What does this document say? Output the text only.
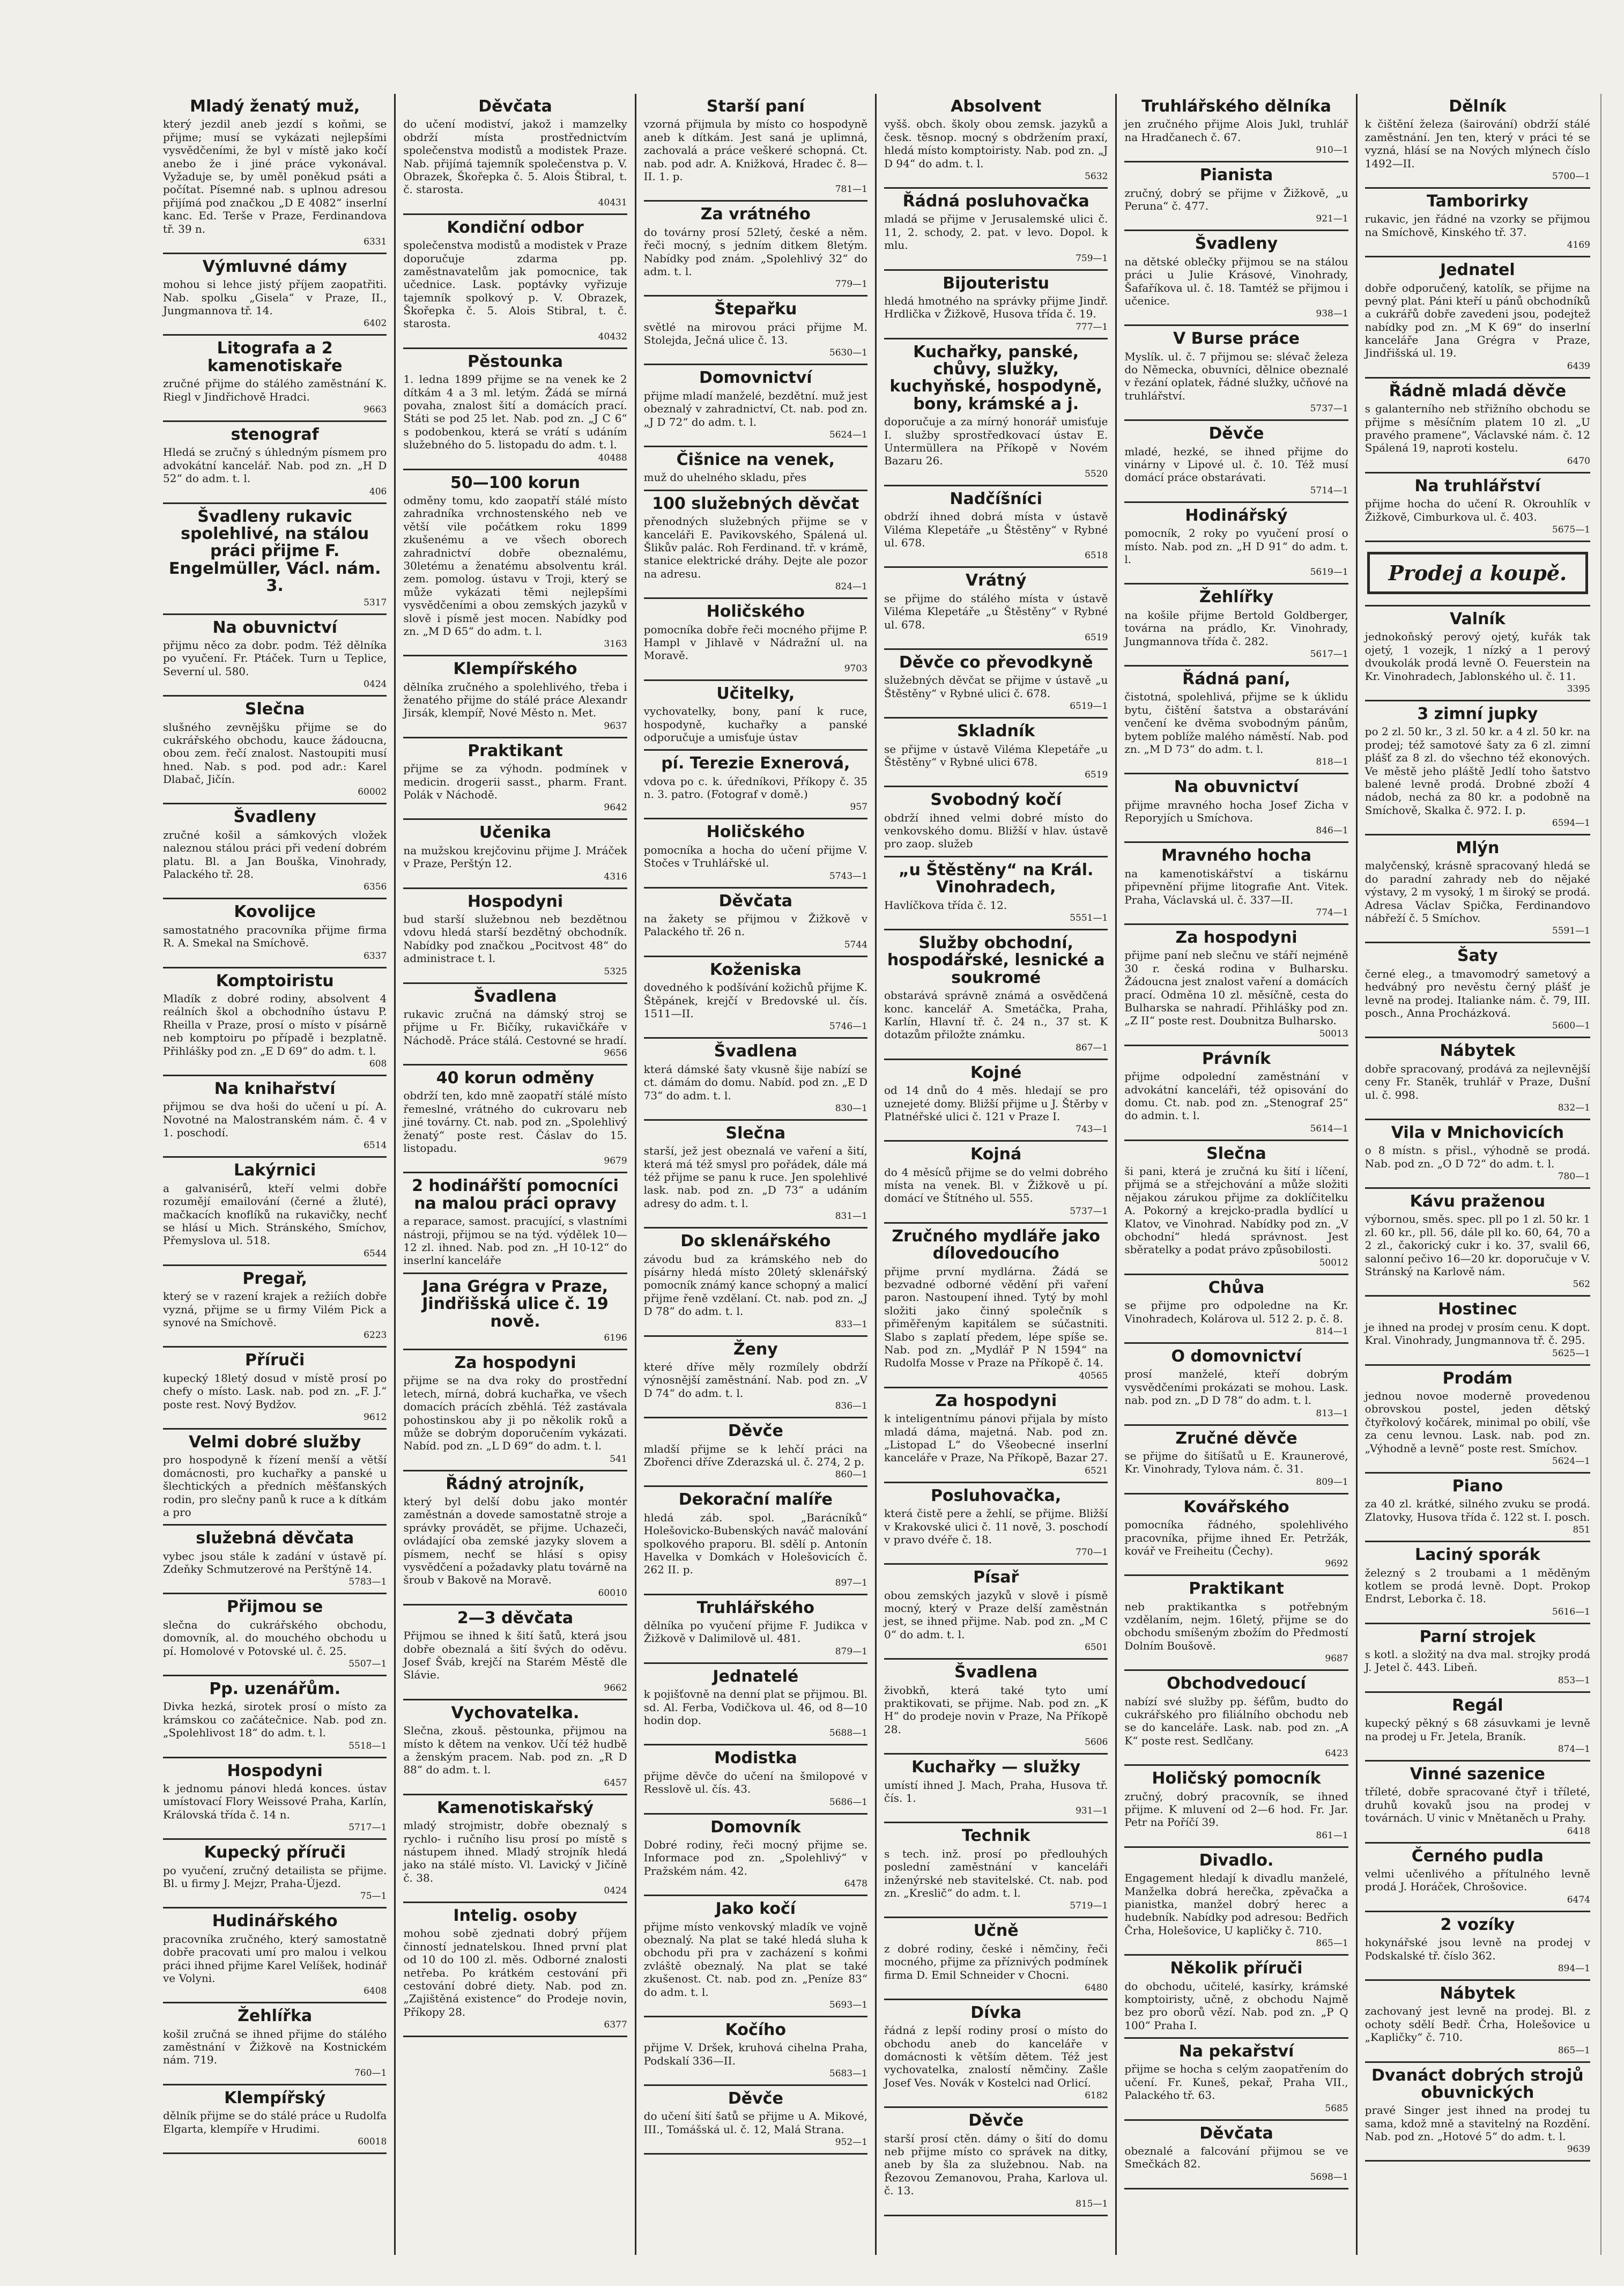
Mladý ženatý muž,

který jezdil aneb jezdí s koňmi, se přijme; musí se vykázati nejlepšími vysvědčeními, že byl v místě jako kočí anebo že i jiné práce vykonával. Vyžaduje se, by uměl poněkud psáti a počítat. Písemné nab. s uplnou adresou přijímá pod značkou „D E 4082“ inserlní kanc. Ed. Terše v Praze, Ferdinandova tř. 39 n.

6331
Výmluvné dámy

mohou si lehce jistý příjem zaopatřiti. Nab. spolku „Gisela“ v Praze, II., Jungmannova tř. 14.

6402
Litografa a 2 kamenotiskaře

zručné přijme do stálého zaměstnání K. Riegl v Jindřichově Hradci.

9663
stenograf

Hledá se zručný s úhledným písmem pro advokátní kancelář. Nab. pod zn. „H D 52“ do adm. t. l.

406
Švadleny rukavic spolehlivé, na stálou práci přijme F. Engelmüller, Václ. nám. 3.
5317
Na obuvnictví

přijmu něco za dobr. podm. Též dělníka po vyučení. Fr. Ptáček. Turn u Teplice, Severní ul. 580.

0424
Slečna

slušného zevnějšku přijme se do cukrářského obchodu, kauce žádoucna, obou zem. řečí znalost. Nastoupiti musí hned. Nab. s pod. pod adr.: Karel Dlabač, Jičín.

60002
Švadleny

zručné košil a sámkových vložek naleznou stálou práci při vedení dobrém platu. Bl. a Jan Bouška, Vinohrady, Palackého tř. 28.

6356
Kovolijce

samostatného pracovníka přijme firma R. A. Smekal na Smíchově.

6337
Komptoiristu

Mladík z dobré rodiny, absolvent 4 reálních škol a obchodního ústavu P. Rheilla v Praze, prosí o místo v písárně neb komptoiru po případě i bezplatně. Přihlášky pod zn. „E D 69“ do adm. t. l.

608
Na knihařství

přijmou se dva hoši do učení u pí. A. Novotné na Malostranském nám. č. 4 v 1. poschodí.

6514
Lakýrnici

a galvanisérů, kteří velmi dobře rozumějí emailování (černé a žluté), mačkacích knoflíků na rukavičky, nechť se hlásí u Mich. Stránského, Smíchov, Přemyslova ul. 518.

6544
Pregař,

který se v razení krajek a režiích dobře vyzná, přijme se u firmy Vilém Pick a synové na Smíchově.

6223
Příruči

kupecký 18letý dosud v místě prosí po chefy o místo. Lask. nab. pod zn. „F. J.“ poste rest. Nový Bydžov.

9612
Velmi dobré služby

pro hospodyně k řízení menší a větší domácnosti, pro kuchařky a panské u šlechtických a předních měšťanských rodin, pro slečny panů k ruce a k dítkám a pro

služebná děvčata

vybec jsou stále k zadání v ústavě pí. Zdeňky Schmutzerové na Perštýně 14.

5783—1
Přijmou se

slečna do cukrářského obchodu, domovník, al. do mouchého obchodu u pí. Homolové v Potovské ul. č. 25.

5507—1
Pp. uzenářům.

Divka hezká, sirotek prosí o místo za krámskou co začátečnice. Nab. pod zn. „Spolehlivost 18“ do adm. t. l.

5518—1
Hospodyni

k jednomu pánovi hledá konces. ústav umístovací Flory Weissové Praha, Karlín, Královská třída č. 14 n.

5717—1
Kupecký příruči

po vyučení, zručný detailista se přijme. Bl. u firmy J. Mejzr, Praha-Újezd.

75—1
Hudinářského

pracovníka zručného, který samostatně dobře pracovati umí pro malou i velkou práci ihned přijme Karel Velíšek, hodinář ve Volyni.

6408
Žehlířka

košil zručná se ihned přijme do stálého zaměstnání v Žižkově na Kostnickém nám. 719.

760—1
Klempířský

dělník přijme se do stálé práce u Rudolfa Elgarta, klempíře v Hrudimi.

60018
Děvčata

do učení modiství, jakož i mamzelky obdrží místa prostřednictvím společenstva modistů a modistek Praze. Nab. přijímá tajemník společenstva p. V. Obrazek, Škořepka č. 5. Alois Štibral, t. č. starosta.

40431
Kondiční odbor

společenstva modistů a modistek v Praze doporučuje zdarma pp. zaměstnavatelům jak pomocnice, tak učednice. Lask. poptávky vyřizuje tajemník spolkový p. V. Obrazek, Škořepka č. 5. Alois Stibral, t. č. starosta.

40432
Pěstounka

1. ledna 1899 přijme se na venek ke 2 dítkám 4 a 3 ml. letým. Žádá se mírná povaha, znalost šití a domácích prací. Státi se pod 25 let. Nab. pod zn. „J C 6“ s podobenkou, která se vrátí s udáním služebného do 5. listopadu do adm. t. l.

40488
50—100 korun

odměny tomu, kdo zaopatří stálé místo zahradníka vrchnostenského neb ve větší vile počátkem roku 1899 zkušenému a ve všech oborech zahradnictví dobře obeznalému, 30letému a ženatému absolventu král. zem. pomolog. ústavu v Troji, který se může vykázati těmi nejlepšími vysvědčeními a obou zemských jazyků v slově i písmě jest mocen. Nabídky pod zn. „M D 65“ do adm. t. l.

3163
Klempířského

dělníka zručného a spolehlivého, třeba i ženatého přijme do stálé práce Alexandr Jirsák, klempíř, Nové Město n. Met.

9637
Praktikant

přijme se za výhodn. podmínek v medicin. drogerii sasst., pharm. Frant. Polák v Náchodě.

9642
Učenika

na mužskou krejčovinu přijme J. Mráček v Praze, Perštýn 12.

4316
Hospodyni

bud starší služebnou neb bezdětnou vdovu hledá starší bezdětný obchodník. Nabídky pod značkou „Pocitvost 48“ do administrace t. l.

5325
Švadlena

rukavic zručná na dámský stroj se přijme u Fr. Bičíky, rukavičkáře v Náchodě. Práce stálá. Cestovné se hradí.

9656
40 korun odměny

obdrží ten, kdo mně zaopatří stálé místo řemeslné, vrátného do cukrovaru neb jiné továrny. Ct. nab. pod zn. „Spolehlivý ženatý“ poste rest. Čáslav do 15. listopadu.

9679
2 hodinářští pomocníci na malou práci opravy

a reparace, samost. pracující, s vlastními nástroji, přijmou se na týd. výdělek 10—12 zl. ihned. Nab. pod zn. „H 10-12“ do inserlní kanceláře

Jana Grégra v Praze, Jindřišská ulice č. 19 nově.
6196
Za hospodyni

přijme se na dva roky do prostřední letech, mírná, dobrá kuchařka, ve všech domacích prácích zběhlá. Též zastávala pohostinskou aby ji po několik roků a může se dobrým doporučením vykázati. Nabíd. pod zn. „L D 69“ do adm. t. l.

541
Řádný atrojník,

který byl delší dobu jako montér zaměstnán a dovede samostatně stroje a správky provádět, se přijme. Uchazeči, ovládající oba zemské jazyky slovem a písmem, nechť se hlásí s opisy vysvědčení a požadavky platu továrně na šroub v Bakově na Moravě.

60010
2—3 děvčata

Přijmou se ihned k šití šatů, která jsou dobře obeznalá a šití švých do oděvu. Josef Šváb, krejčí na Starém Městě dle Slávie.

9662
Vychovatelka.

Slečna, zkouš. pěstounka, přijmou na místo k dětem na venkov. Učí též hudbě a ženským pracem. Nab. pod zn. „R D 88“ do adm. t. l.

6457
Kamenotiskařský

mladý strojmistr, dobře obeznalý s rychlo- i ručního lisu prosí po místě s nástupem ihned. Mladý strojník hledá jako na stálé místo. Vl. Lavický v Jičíně č. 38.

0424
Intelig. osoby

mohou sobě zjednati dobrý příjem činností jednatelskou. Ihned první plat od 10 do 100 zl. měs. Odborné znalosti netřeba. Po krátkém cestování při cestování dobré diety. Nab. pod zn. „Zajištěná existence“ do Prodeje novin, Příkopy 28.

6377
Starší paní

vzorná přijmula by místo co hospodyně aneb k dítkám. Jest saná je uplimná, zachovalá a práce veškeré schopná. Ct. nab. pod adr. A. Knižková, Hradec č. 8—II. 1. p.

781—1
Za vrátného

do továrny prosí 52letý, české a něm. řeči mocný, s jedním ditkem 8letým. Nabídky pod znám. „Spolehlivý 32“ do adm. t. l.

779—1
Štepařku

světlé na mirovou práci přijme M. Stolejda, Ječná ulice č. 13.

5630—1
Domovnictví

přijme mladí manželé, bezdětní. muž jest obeznalý v zahradnictví, Ct. nab. pod zn. „J D 72“ do adm. t. l.

5624—1
Čišnice na venek,

muž do uhelného skladu, přes

100 služebných děvčat

přenodných služebných přijme se v kanceláři E. Pavikovského, Spálená ul. Šlikův palác. Roh Ferdinand. tř. v krámě, stanice elektrické dráhy. Dejte ale pozor na adresu.

824—1
Holičského

pomocníka dobře řeči mocného přijme P. Hampl v Jihlavě v Nádražní ul. na Moravě.

9703
Učitelky,

vychovatelky, bony, paní k ruce, hospodyně, kuchařky a panské odporučuje a umisťuje ústav

pí. Terezie Exnerová,

vdova po c. k. úředníkovi, Příkopy č. 35 n. 3. patro. (Fotograf v domě.)

957
Holičského

pomocníka a hocha do učení přijme V. Stočes v Truhlářské ul.

5743—1
Děvčata

na žakety se přijmou v Žižkově v Palackého tř. 26 n.

5744
Koženiska

dovedného k podšívání kožichů přijme K. Štěpánek, krejčí v Bredovské ul. čís. 1511—II.

5746—1
Švadlena

která dámské šaty vkusně šije nabízí se ct. dámám do domu. Nabíd. pod zn. „E D 73“ do adm. t. l.

830—1
Slečna

starší, jež jest obeznalá ve vaření a šití, která má též smysl pro pořádek, dále má též přijme se panu k ruce. Jen spolehlivé lask. nab. pod zn. „D 73“ a udáním adresy do adm. t. l.

831—1
Do sklenářského

závodu bud za krámského neb do písárny hledá místo 20letý sklenářský pomocník známý kance schopný a malicí přijme řeně vzdělaní. Ct. nab. pod zn. „J D 78“ do adm. t. l.

833—1
Ženy

které dříve měly rozmílely obdrží výnosnější zaměstnání. Nab. pod zn. „V D 74“ do adm. t. l.

836—1
Děvče

mladší přijme se k lehčí práci na Zbořenci dříve Zderazská ul. č. 274, 2 p.

860—1
Dekorační malíře

hledá záb. spol. „Barácníků“ Holešovicko-Bubenských naváč malování spolkového praporu. Bl. sdělí p. Antonín Havelka v Domkách v Holešovicích č. 262 II. p.

897—1
Truhlářského

dělníka po vyučení přijme F. Judikca v Žižkově v Dalimilově ul. 481.

879—1
Jednatelé

k pojišťovně na denní plat se přijmou. Bl. sd. Al. Ferba, Vodičkova ul. 46, od 8—10 hodin dop.

5688—1
Modistka

přijme děvče do učení na šmilopové v Resslově ul. čís. 43.

5686—1
Domovník

Dobré rodiny, řeči mocný přijme se. Informace pod zn. „Spolehlivý“ v Pražském nám. 42.

6478
Jako kočí

přijme místo venkovský mladík ve vojně obeznalý. Na plat se také hledá sluha k obchodu při pra v zacházení s koňmi zvláště obeznalý. Na plat se také zkušenost. Ct. nab. pod zn. „Peníze 83“ do adm. t. l.

5693—1
Kočího

přijme V. Dršek, kruhová cihelna Praha, Podskalí 336—II.

5683—1
Děvče

do učení šití šatů se přijme u A. Mikové, III., Tomášská ul. č. 12, Malá Strana.

952—1
Absolvent

vyšš. obch. školy obou zemsk. jazyků a česk. těsnop. mocný s obdržením praxí, hledá místo komptoiristy. Nab. pod zn. „J D 94“ do adm. t. l.

5632
Řádná posluhovačka

mladá se přijme v Jerusalemské ulici č. 11, 2. schody, 2. pat. v levo. Dopol. k mlu.

759—1
Bijouteristu

hledá hmotného na správky přijme Jindř. Hrdlička v Žižkově, Husova třída č. 19.

777—1
Kuchařky, panské, chůvy, služky, kuchyňské, hospodyně, bony, krámské a j.

doporučuje a za mírný honorář umisťuje I. služby sprostředkovací ústav E. Untermüllera na Příkopě v Novém Bazaru 26.

5520
Nadčíšníci

obdrží ihned dobrá místa v ústavě Viléma Klepetáře „u Štěstěny“ v Rybné ul. 678.

6518
Vrátný

se přijme do stálého místa v ústavě Viléma Klepetáře „u Štěstěny“ v Rybné ul. 678.

6519
Děvče co převodkyně

služebných děvčat se přijme v ústavě „u Štěstěny“ v Rybné ulici č. 678.

6519—1
Skladník

se přijme v ústavě Viléma Klepetáře „u Štěstěny“ v Rybné ulici 678.

6519
Svobodný kočí

obdrží ihned velmi dobré místo do venkovského domu. Bližší v hlav. ústavě pro zaop. služeb

„u Štěstěny“ na Král. Vinohradech,

Havlíčkova třída č. 12.

5551—1
Služby obchodní, hospodářské, lesnické a soukromé

obstarává správně známá a osvědčená konc. kancelář A. Smetáčka, Praha, Karlín, Hlavní tř. č. 24 n., 37 st. K dotazům přiložte známku.

867—1
Kojné

od 14 dnů do 4 měs. hledají se pro uznejeté domy. Bližší přijme u J. Štěrby v Platnéřské ulici č. 121 v Praze I.

743—1
Kojná

do 4 měsíců přijme se do velmi dobrého místa na venek. Bl. v Žižkově u pí. domácí ve Štítného ul. 555.

5737—1
Zručného mydláře jako dílovedoucího

přijme první mydlárna. Žádá se bezvadné odborné vědění při vaření paron. Nastoupení ihned. Tytý by mohl složiti jako činný společník s přiměřeným kapitálem se súčastniti. Slabo s zaplatí předem, lépe spíše se. Nab. pod zn. „Mydlář P N 1594“ na Rudolfa Mosse v Praze na Příkopě č. 14.

40565
Za hospodyni

k inteligentnímu pánovi přijala by místo mladá dáma, majetná. Nab. pod zn. „Listopad L“ do Všeobecné inserlní kanceláře v Praze, Na Příkopě, Bazar 27.

6521
Posluhovačka,

která čistě pere a žehlí, se přijme. Bližší v Krakovské ulici č. 11 nově, 3. poschodí v pravo dvéře č. 18.

770—1
Písař

obou zemských jazyků v slově i písmě mocný, který v Praze delší zaměstnán jest, se ihned přijme. Nab. pod zn. „M C 0“ do adm. t. l.

6501
Švadlena

živobkň, která také tyto umí praktikovati, se přijme. Nab. pod zn. „K H“ do prodeje novin v Praze, Na Příkopě 28.

5606
Kuchařky — služky

umístí ihned J. Mach, Praha, Husova tř. čís. 1.

931—1
Technik

s tech. inž. prosí po předlouhých poslední zaměstnání v kanceláři inženýrské neb stavitelské. Ct. nab. pod zn. „Kreslič“ do adm. t. l.

5719—1
Učně

z dobré rodiny, české i němčiny, řeči mocného, přijme za příznivých podmínek firma D. Emil Schneider v Chocni.

6480
Dívka

řádná z lepší rodiny prosí o místo do obchodu aneb do kanceláře v domácnosti k větším dětem. Též jest vychovatelka, znalostí němčiny. Zašle Josef Ves. Novák v Kostelci nad Orlicí.

6182
Děvče

starší prosí ctěn. dámy o šití do domu neb přijme místo co správek na ditky, aneb by šla za služebnou. Nab. na Řezovou Zemanovou, Praha, Karlova ul. č. 13.

815—1
Truhlářského dělníka

jen zručného přijme Alois Jukl, truhlář na Hradčanech č. 67.

910—1
Pianista

zručný, dobrý se přijme v Žižkově, „u Peruna“ č. 477.

921—1
Švadleny

na dětské oblečky přijmou se na stálou práci u Julie Krásové, Vinohrady, Šafaříkova ul. č. 18. Tamtéž se přijmou i učenice.

938—1
V Burse práce

Myslík. ul. č. 7 přijmou se: slévač železa do Německa, obuvníci, dělnice obeznalé v řezání oplatek, řádné služky, učňové na truhlářství.

5737—1
Děvče

mladé, hezké, se ihned přijme do vinárny v Lipové ul. č. 10. Též musí domácí práce obstarávati.

5714—1
Hodinářský

pomocník, 2 roky po vyučení prosí o místo. Nab. pod zn. „H D 91“ do adm. t. l.

5619—1
Žehlířky

na košile přijme Bertold Goldberger, továrna na prádlo, Kr. Vinohrady, Jungmannova třída č. 282.

5617—1
Řádná paní,

čistotná, spolehlivá, přijme se k úklidu bytu, čištění šatstva a obstarávání venčení ke dvěma svobodným pánům, bytem poblíže malého náměstí. Nab. pod zn. „M D 73“ do adm. t. l.

818—1
Na obuvnictví

přijme mravného hocha Josef Zicha v Reporyjích u Smíchova.

846—1
Mravného hocha

na kamenotiskářství a tiskárnu připevnění přijme litografie Ant. Vitek. Praha, Václavská ul. č. 337—II.

774—1
Za hospodyni

přijme paní neb slečnu ve stáří nejméně 30 r. česká rodina v Bulharsku. Žádoucna jest znalost vaření a domácích prací. Odměna 10 zl. měsíčně, cesta do Bulharska se nahradí. Přihlášky pod zn. „Z II“ poste rest. Doubnitza Bulharsko.

50013
Právník

přijme odpolední zaměstnání v advokátní kanceláři, též opisování do domu. Ct. nab. pod zn. „Stenograf 25“ do admin. t. l.

5614—1
Slečna

ši pani, která je zručná ku šití i líčení, přijmá se a střejchování a může složiti nějakou zárukou přijme za doklíčitelku A. Pokorný a krejcko-pradla bydlící u Klatov, ve Vinohrad. Nabídky pod zn. „V obchodní“ hledá správnost. Jest sběratelky a podat právo způsobilosti.

50012
Chůva

se přijme pro odpoledne na Kr. Vinohradech, Kolárova ul. 512 2. p. č. 8.

814—1
O domovnictví

prosí manželé, kteří dobrým vysvědčeními prokázati se mohou. Lask. nab. pod zn. „D D 78“ do adm. t. l.

813—1
Zručné děvče

se přijme do šitíšatů u E. Kraunerové, Kr. Vinohrady, Tylova nám. č. 31.

809—1
Kovářského

pomocníka řádného, spolehlivého pracovníka, přijme ihned Er. Petržák, kovář ve Freiheitu (Čechy).

9692
Praktikant

neb praktikantka s potřebným vzdělaním, nejm. 16letý, přijme se do obchodu smíšeným zbožím do Předmostí Dolním Boušově.

9687
Obchodvedoucí

nabízí své služby pp. šéfům, budto do cukrářského pro filiálního obchodu neb se do kanceláře. Lask. nab. pod zn. „A K“ poste rest. Sedlčany.

6423
Holičský pomocník

zručný, dobrý pracovník, se ihned přijme. K mluvení od 2—6 hod. Fr. Jar. Petr na Poříčí 39.

861—1
Divadlo.

Engagement hledají k divadlu manželé, Manželka dobrá herečka, zpěvačka a pianistka, manžel dobrý herec a hudebník. Nabídky pod adresou: Bedřich Črha, Holešovice, U kapličky č. 710.

865—1
Několik příruči

do obchodu, učitelé, kasírky, krámské komptoiristy, učně, z obchodu Najmě bez pro oborů vězí. Nab. pod zn. „P Q 100“ Praha I.

Na pekařství

přijme se hocha s celým zaopatřením do učení. Fr. Kuneš, pekař, Praha VII., Palackého tř. 63.

5685
Děvčata

obeznalé a falcování přijmou se ve Smečkách 82.

5698—1
Dělník

k čištění železa (šairování) obdrží stálé zaměstnání. Jen ten, který v práci té se vyzná, hlásí se na Nových mlýnech číslo 1492—II.

5700—1
Tamborirky

rukavic, jen řádné na vzorky se přijmou na Smíchově, Kinského tř. 37.

4169
Jednatel

dobře odporučený, katolík, se přijme na pevný plat. Páni kteří u pánů obchodníků a cukrářů dobře zavedeni jsou, podejtež nabídky pod zn. „M K 69“ do inserlní kanceláře Jana Grégra v Praze, Jindřišská ul. 19.

6439
Řádně mladá děvče

s galanterního neb střižního obchodu se přijme s měsíčním platem 10 zl. „U pravého pramene“, Václavské nám. č. 12 Spálená 19, naproti kostelu.

6470
Na truhlářství

přijme hocha do učení R. Okrouhlík v Žižkově, Cimburkova ul. č. 403.

5675—1
Prodej a koupě.
Valník

jednokoňský perový ojetý, kuřák tak ojetý, 1 vozejk, 1 nízký a 1 perový dvoukolák prodá levně O. Feuerstein na Kr. Vinohradech, Jablonského ul. č. 11.

3395
3 zimní jupky

po 2 zl. 50 kr., 3 zl. 50 kr. a 4 zl. 50 kr. na prodej; též samotové šaty za 6 zl. zimní plášť za 8 zl. do všechno též ekonových. Ve městě jeho pláště Jedlí toho šatstvo balené levně prodá. Drobné zboží 4 nádob, nechá za 80 kr. a podobně na Smíchově, Skalka č. 972. I. p.

6594—1
Mlýn

malyčenský, krásně spracovaný hledá se do paradní zahrady neb do nějaké výstavy, 2 m vysoký, 1 m široký se prodá. Adresa Václav Spička, Ferdinandovo nábřeží č. 5 Smíchov.

5591—1
Šaty

černé eleg., a tmavomodrý sametový a hedvábný pro nevěstu černý plášť je levně na prodej. Italianke nám. č. 79, III. posch., Anna Procházková.

5600—1
Nábytek

dobře spracovaný, prodává za nejlevnější ceny Fr. Staněk, truhlář v Praze, Dušní ul. č. 998.

832—1
Vila v Mnichovicích

o 8 místn. s přisl., výhodně se prodá. Nab. pod zn. „O D 72“ do adm. t. l.

780—1
Kávu praženou

výbornou, směs. spec. pll po 1 zl. 50 kr. 1 zl. 60 kr., pll. 56, dále pll ko. 60, 64, 70 a 2 zl., čakorický cukr i ko. 37, svalil 66, salonní pečivo 16—20 kr. doporučuje v V. Stránský na Karlově nám.

562
Hostinec

je ihned na prodej v prosím cenu. K dopt. Kral. Vinohrady, Jungmannova tř. č. 295.

5625—1
Prodám

jednou novoe moderně provedenou obrovskou postel, jeden dětský čtyřkolový kočárek, minimal po obilí, vše za cenu levnou. Lask. nab. pod zn. „Výhodně a levně“ poste rest. Smíchov.

5624—1
Piano

za 40 zl. krátké, silného zvuku se prodá. Zlatovky, Husova třída č. 122 st. I. posch.

851
Laciný sporák

železný s 2 troubami a 1 měděným kotlem se prodá levně. Dopt. Prokop Endrst, Leborka č. 18.

5616—1
Parní strojek

s kotl. a složitý na dva mal. strojky prodá J. Jetel č. 443. Libeň.

853—1
Regál

kupecký pěkný s 68 zásuvkami je levně na prodej u Fr. Jetela, Braník.

874—1
Vinné sazenice

tříleté, dobře spracované čtyř i tříleté, druhů kovaků jsou na prodej v továrnách. U vinic v Mnětaněch u Prahy.

6418
Černého pudla

velmi učenlivého a přítulného levně prodá J. Horáček, Chrošovice.

6474
2 vozíky

hokynářské jsou levně na prodej v Podskalské tř. číslo 362.

894—1
Nábytek

zachovaný jest levně na prodej. Bl. z ochoty sdělí Bedř. Črha, Holešovice u „Kapličky“ č. 710.

865—1
Dvanáct dobrých strojů obuvnických

pravé Singer jest ihned na prodej tu sama, kdož mně a stavitelný na Rozdění. Nab. pod zn. „Hotové 5“ do adm. t. l.

9639
